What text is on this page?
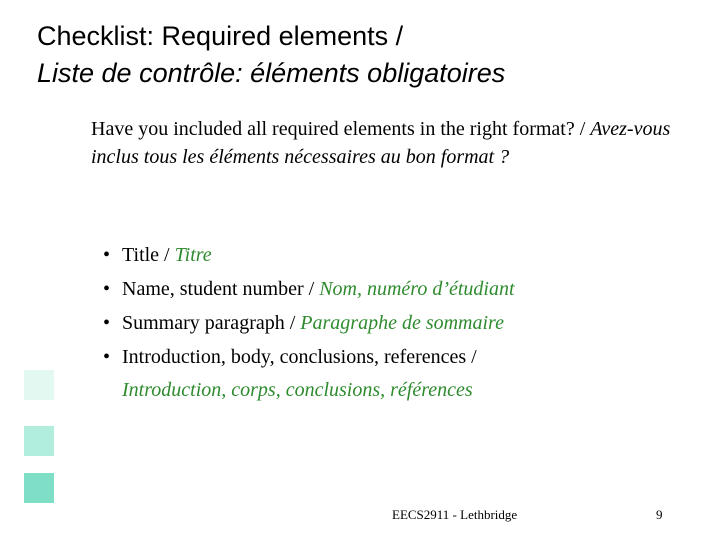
Checklist: Required elements /
Liste de contrôle: éléments obligatoires
Have you included all required elements in the right format? / Avez-vous inclus tous les éléments nécessaires au bon format ?
• Title / Titre
• Name, student number / Nom, numéro d’étudiant
• Summary paragraph / Paragraphe de sommaire
• Introduction, body, conclusions, references /
Introduction, corps, conclusions, références
EECS2911 - Lethbridge	9
